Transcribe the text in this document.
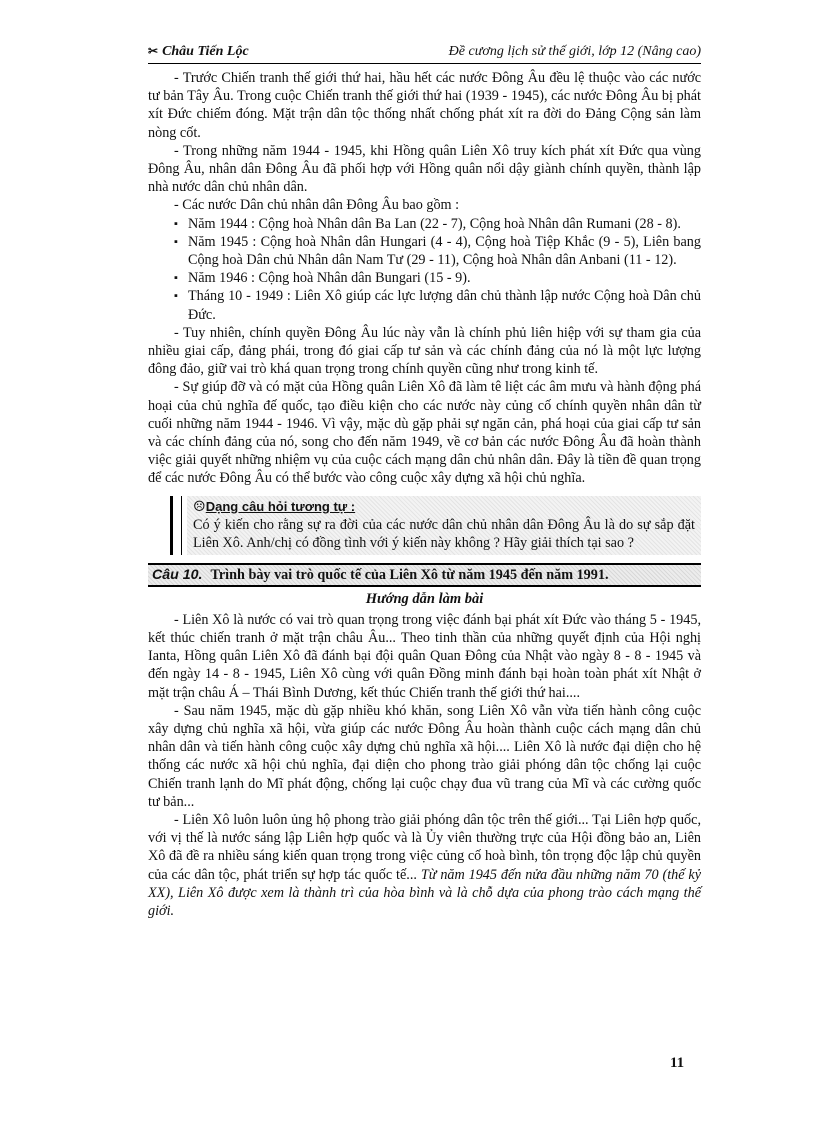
✂ Châu Tiến Lộc	Đề cương lịch sử thế giới, lớp 12 (Nâng cao)

- Trước Chiến tranh thế giới thứ hai, hầu hết các nước Đông Âu đều lệ thuộc vào các nước tư bản Tây Âu. Trong cuộc Chiến tranh thế giới thứ hai (1939 - 1945), các nước Đông Âu bị phát xít Đức chiếm đóng. Mặt trận dân tộc thống nhất chống phát xít ra đời do Đảng Cộng sản làm nòng cốt.

- Trong những năm 1944 - 1945, khi Hồng quân Liên Xô truy kích phát xít Đức qua vùng Đông Âu, nhân dân Đông Âu đã phối hợp với Hồng quân nổi dậy giành chính quyền, thành lập nhà nước dân chủ nhân dân.

- Các nước Dân chủ nhân dân Đông Âu bao gồm :

▪ Năm 1944 : Cộng hoà Nhân dân Ba Lan (22 - 7), Cộng hoà Nhân dân Rumani (28 - 8).
▪ Năm 1945 : Cộng hoà Nhân dân Hungari (4 - 4), Cộng hoà Tiệp Khắc (9 - 5), Liên bang Cộng hoà Dân chủ Nhân dân Nam Tư (29 - 11), Cộng hoà Nhân dân Anbani (11 - 12).
▪ Năm 1946 : Cộng hoà Nhân dân Bungari (15 - 9).
▪ Tháng 10 - 1949 : Liên Xô giúp các lực lượng dân chủ thành lập nước Cộng hoà Dân chủ Đức.

- Tuy nhiên, chính quyền Đông Âu lúc này vẫn là chính phủ liên hiệp với sự tham gia của nhiều giai cấp, đảng phái, trong đó giai cấp tư sản và các chính đảng của nó là một lực lượng đông đảo, giữ vai trò khá quan trọng trong chính quyền cũng như trong kinh tế.

- Sự giúp đỡ và có mặt của Hồng quân Liên Xô đã làm tê liệt các âm mưu và hành động phá hoại của chủ nghĩa đế quốc, tạo điều kiện cho các nước này củng cố chính quyền nhân dân từ cuối những năm 1944 - 1946. Vì vậy, mặc dù gặp phải sự ngăn cản, phá hoại của giai cấp tư sản và các chính đảng của nó, song cho đến năm 1949, về cơ bản các nước Đông Âu đã hoàn thành việc giải quyết những nhiệm vụ của cuộc cách mạng dân chủ nhân dân. Đây là tiền đề quan trọng để các nước Đông Âu có thể bước vào công cuộc xây dựng xã hội chủ nghĩa.

☹Dạng câu hỏi tương tự :

Có ý kiến cho rằng sự ra đời của các nước dân chủ nhân dân Đông Âu là do sự sắp đặt Liên Xô. Anh/chị có đồng tình với ý kiến này không ? Hãy giải thích tại sao ?

Câu 10. Trình bày vai trò quốc tế của Liên Xô từ năm 1945 đến năm 1991.
Hướng dẫn làm bài

- Liên Xô là nước có vai trò quan trọng trong việc đánh bại phát xít Đức vào tháng 5 - 1945, kết thúc chiến tranh ở mặt trận châu Âu... Theo tinh thần của những quyết định của Hội nghị Ianta, Hồng quân Liên Xô đã đánh bại đội quân Quan Đông của Nhật vào ngày 8 - 8 - 1945 và đến ngày 14 - 8 - 1945, Liên Xô cùng với quân Đồng minh đánh bại hoàn toàn phát xít Nhật ở mặt trận châu Á – Thái Bình Dương, kết thúc Chiến tranh thế giới thứ hai....

- Sau năm 1945, mặc dù gặp nhiều khó khăn, song Liên Xô vẫn vừa tiến hành công cuộc xây dựng chủ nghĩa xã hội, vừa giúp các nước Đông Âu hoàn thành cuộc cách mạng dân chủ nhân dân và tiến hành công cuộc xây dựng chủ nghĩa xã hội.... Liên Xô là nước đại diện cho hệ thống các nước xã hội chủ nghĩa, đại diện cho phong trào giải phóng dân tộc chống lại cuộc Chiến tranh lạnh do Mĩ phát động, chống lại cuộc chạy đua vũ trang của Mĩ và các cường quốc tư bản...

- Liên Xô luôn luôn ủng hộ phong trào giải phóng dân tộc trên thế giới... Tại Liên hợp quốc, với vị thế là nước sáng lập Liên hợp quốc và là Ủy viên thường trực của Hội đồng bảo an, Liên Xô đã đề ra nhiều sáng kiến quan trọng trong việc củng cố hoà bình, tôn trọng độc lập chủ quyền của các dân tộc, phát triển sự hợp tác quốc tế... Từ năm 1945 đến nửa đầu những năm 70 (thế kỷ XX), Liên Xô được xem là thành trì của hòa bình và là chỗ dựa của phong trào cách mạng thế giới.

11
